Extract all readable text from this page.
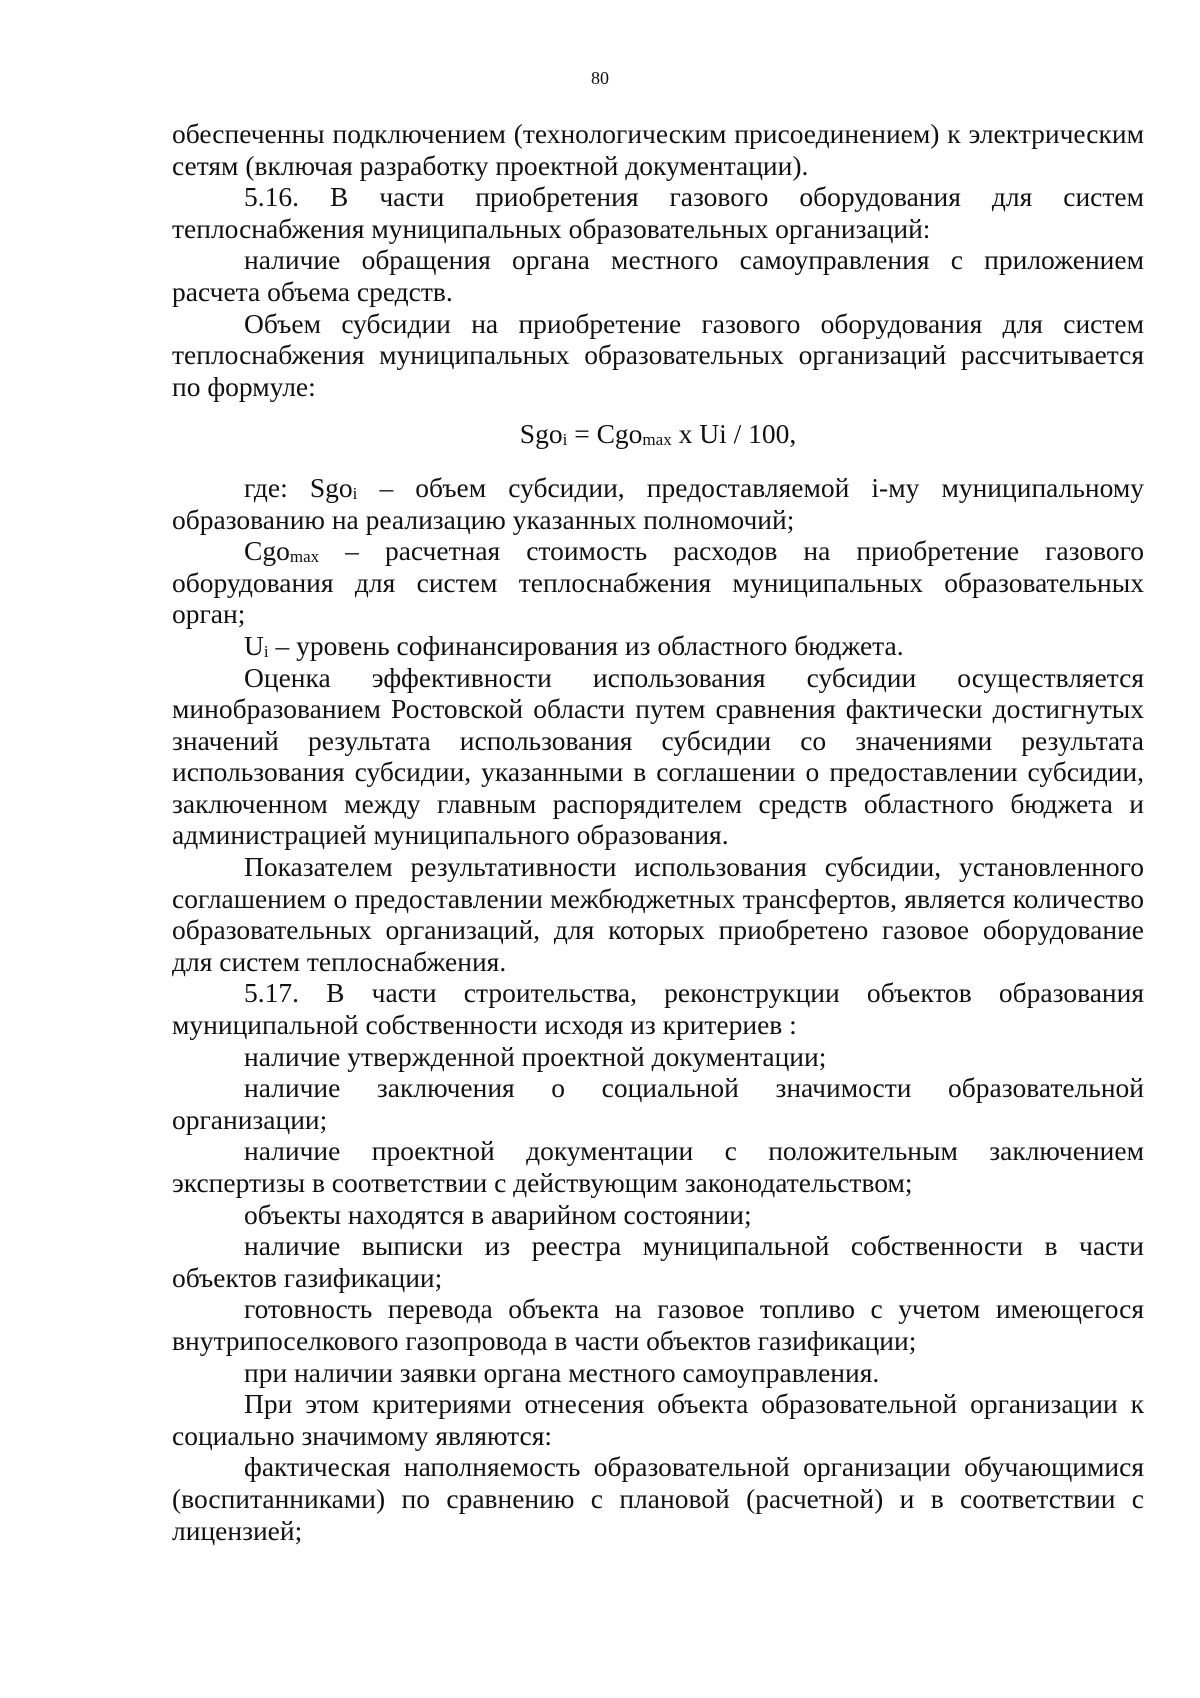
80

обеспеченны подключением (технологическим присоединением) к электрическим сетям (включая разработку проектной документации).

5.16. В части приобретения газового оборудования для систем теплоснабжения муниципальных образовательных организаций:

наличие обращения органа местного самоуправления с приложением расчета объема средств.

Объем субсидии на приобретение газового оборудования для систем теплоснабжения муниципальных образовательных организаций рассчитывается по формуле:

Sgoi = Cgomax x Ui / 100,

где: Sgoi – объем субсидии, предоставляемой i-му муниципальному образованию на реализацию указанных полномочий;

Cgomax – расчетная стоимость расходов на приобретение газового оборудования для систем теплоснабжения муниципальных образовательных орган;

Ui – уровень софинансирования из областного бюджета.

Оценка эффективности использования субсидии осуществляется минобразованием Ростовской области путем сравнения фактически достигнутых значений результата использования субсидии со значениями результата использования субсидии, указанными в соглашении о предоставлении субсидии, заключенном между главным распорядителем средств областного бюджета и администрацией муниципального образования.

Показателем результативности использования субсидии, установленного соглашением о предоставлении межбюджетных трансфертов, является количество образовательных организаций, для которых приобретено газовое оборудование для систем теплоснабжения.

5.17. В части строительства, реконструкции объектов образования муниципальной собственности исходя из критериев :

наличие утвержденной проектной документации;

наличие заключения о социальной значимости образовательной организации;

наличие проектной документации с положительным заключением экспертизы в соответствии с действующим законодательством;

объекты находятся в аварийном состоянии;

наличие выписки из реестра муниципальной собственности в части объектов газификации;

готовность перевода объекта на газовое топливо с учетом имеющегося внутрипоселкового газопровода в части объектов газификации;

при наличии заявки органа местного самоуправления.

При этом критериями отнесения объекта образовательной организации к социально значимому являются:

фактическая наполняемость образовательной организации обучающимися (воспитанниками) по сравнению с плановой (расчетной) и в соответствии с лицензией;
